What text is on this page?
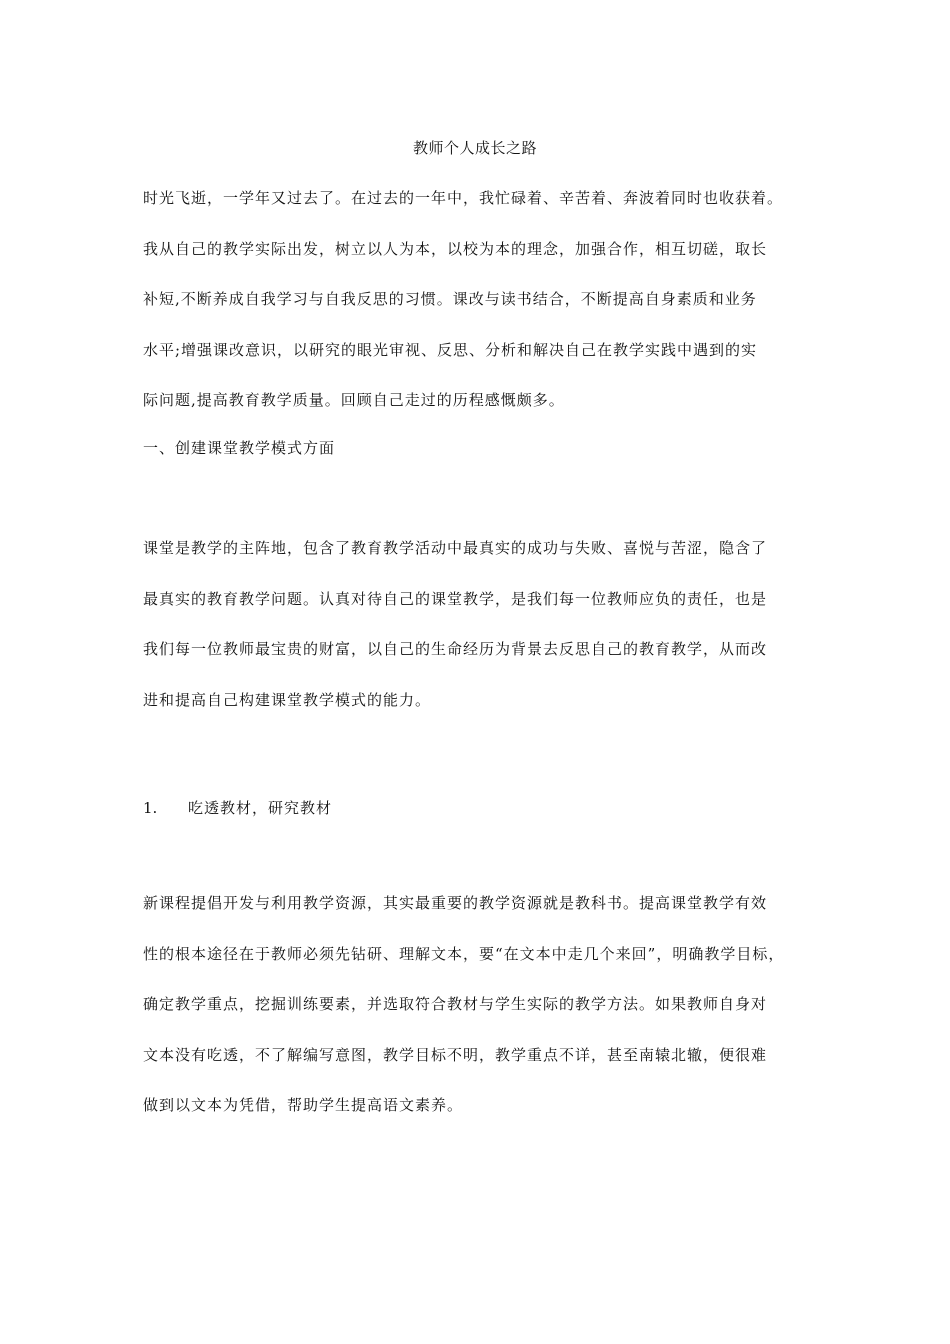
教师个人成长之路
时光飞逝，一学年又过去了。在过去的一年中，我忙碌着、辛苦着、奔波着同时也收获着。
我从自己的教学实际出发，树立以人为本，以校为本的理念，加强合作，相互切磋，取长
补短,不断养成自我学习与自我反思的习惯。课改与读书结合，不断提高自身素质和业务
水平;增强课改意识，以研究的眼光审视、反思、分析和解决自己在教学实践中遇到的实
际问题,提高教育教学质量。回顾自己走过的历程感慨颇多。
一、创建课堂教学模式方面
课堂是教学的主阵地，包含了教育教学活动中最真实的成功与失败、喜悦与苦涩，隐含了
最真实的教育教学问题。认真对待自己的课堂教学，是我们每一位教师应负的责任，也是
我们每一位教师最宝贵的财富，以自己的生命经历为背景去反思自己的教育教学，从而改
进和提高自己构建课堂教学模式的能力。
1. 吃透教材，研究教材
新课程提倡开发与利用教学资源，其实最重要的教学资源就是教科书。提高课堂教学有效
性的根本途径在于教师必须先钻研、理解文本，要“在文本中走几个来回”，明确教学目标，
确定教学重点，挖掘训练要素，并选取符合教材与学生实际的教学方法。如果教师自身对
文本没有吃透，不了解编写意图，教学目标不明，教学重点不详，甚至南辕北辙，便很难
做到以文本为凭借，帮助学生提高语文素养。
